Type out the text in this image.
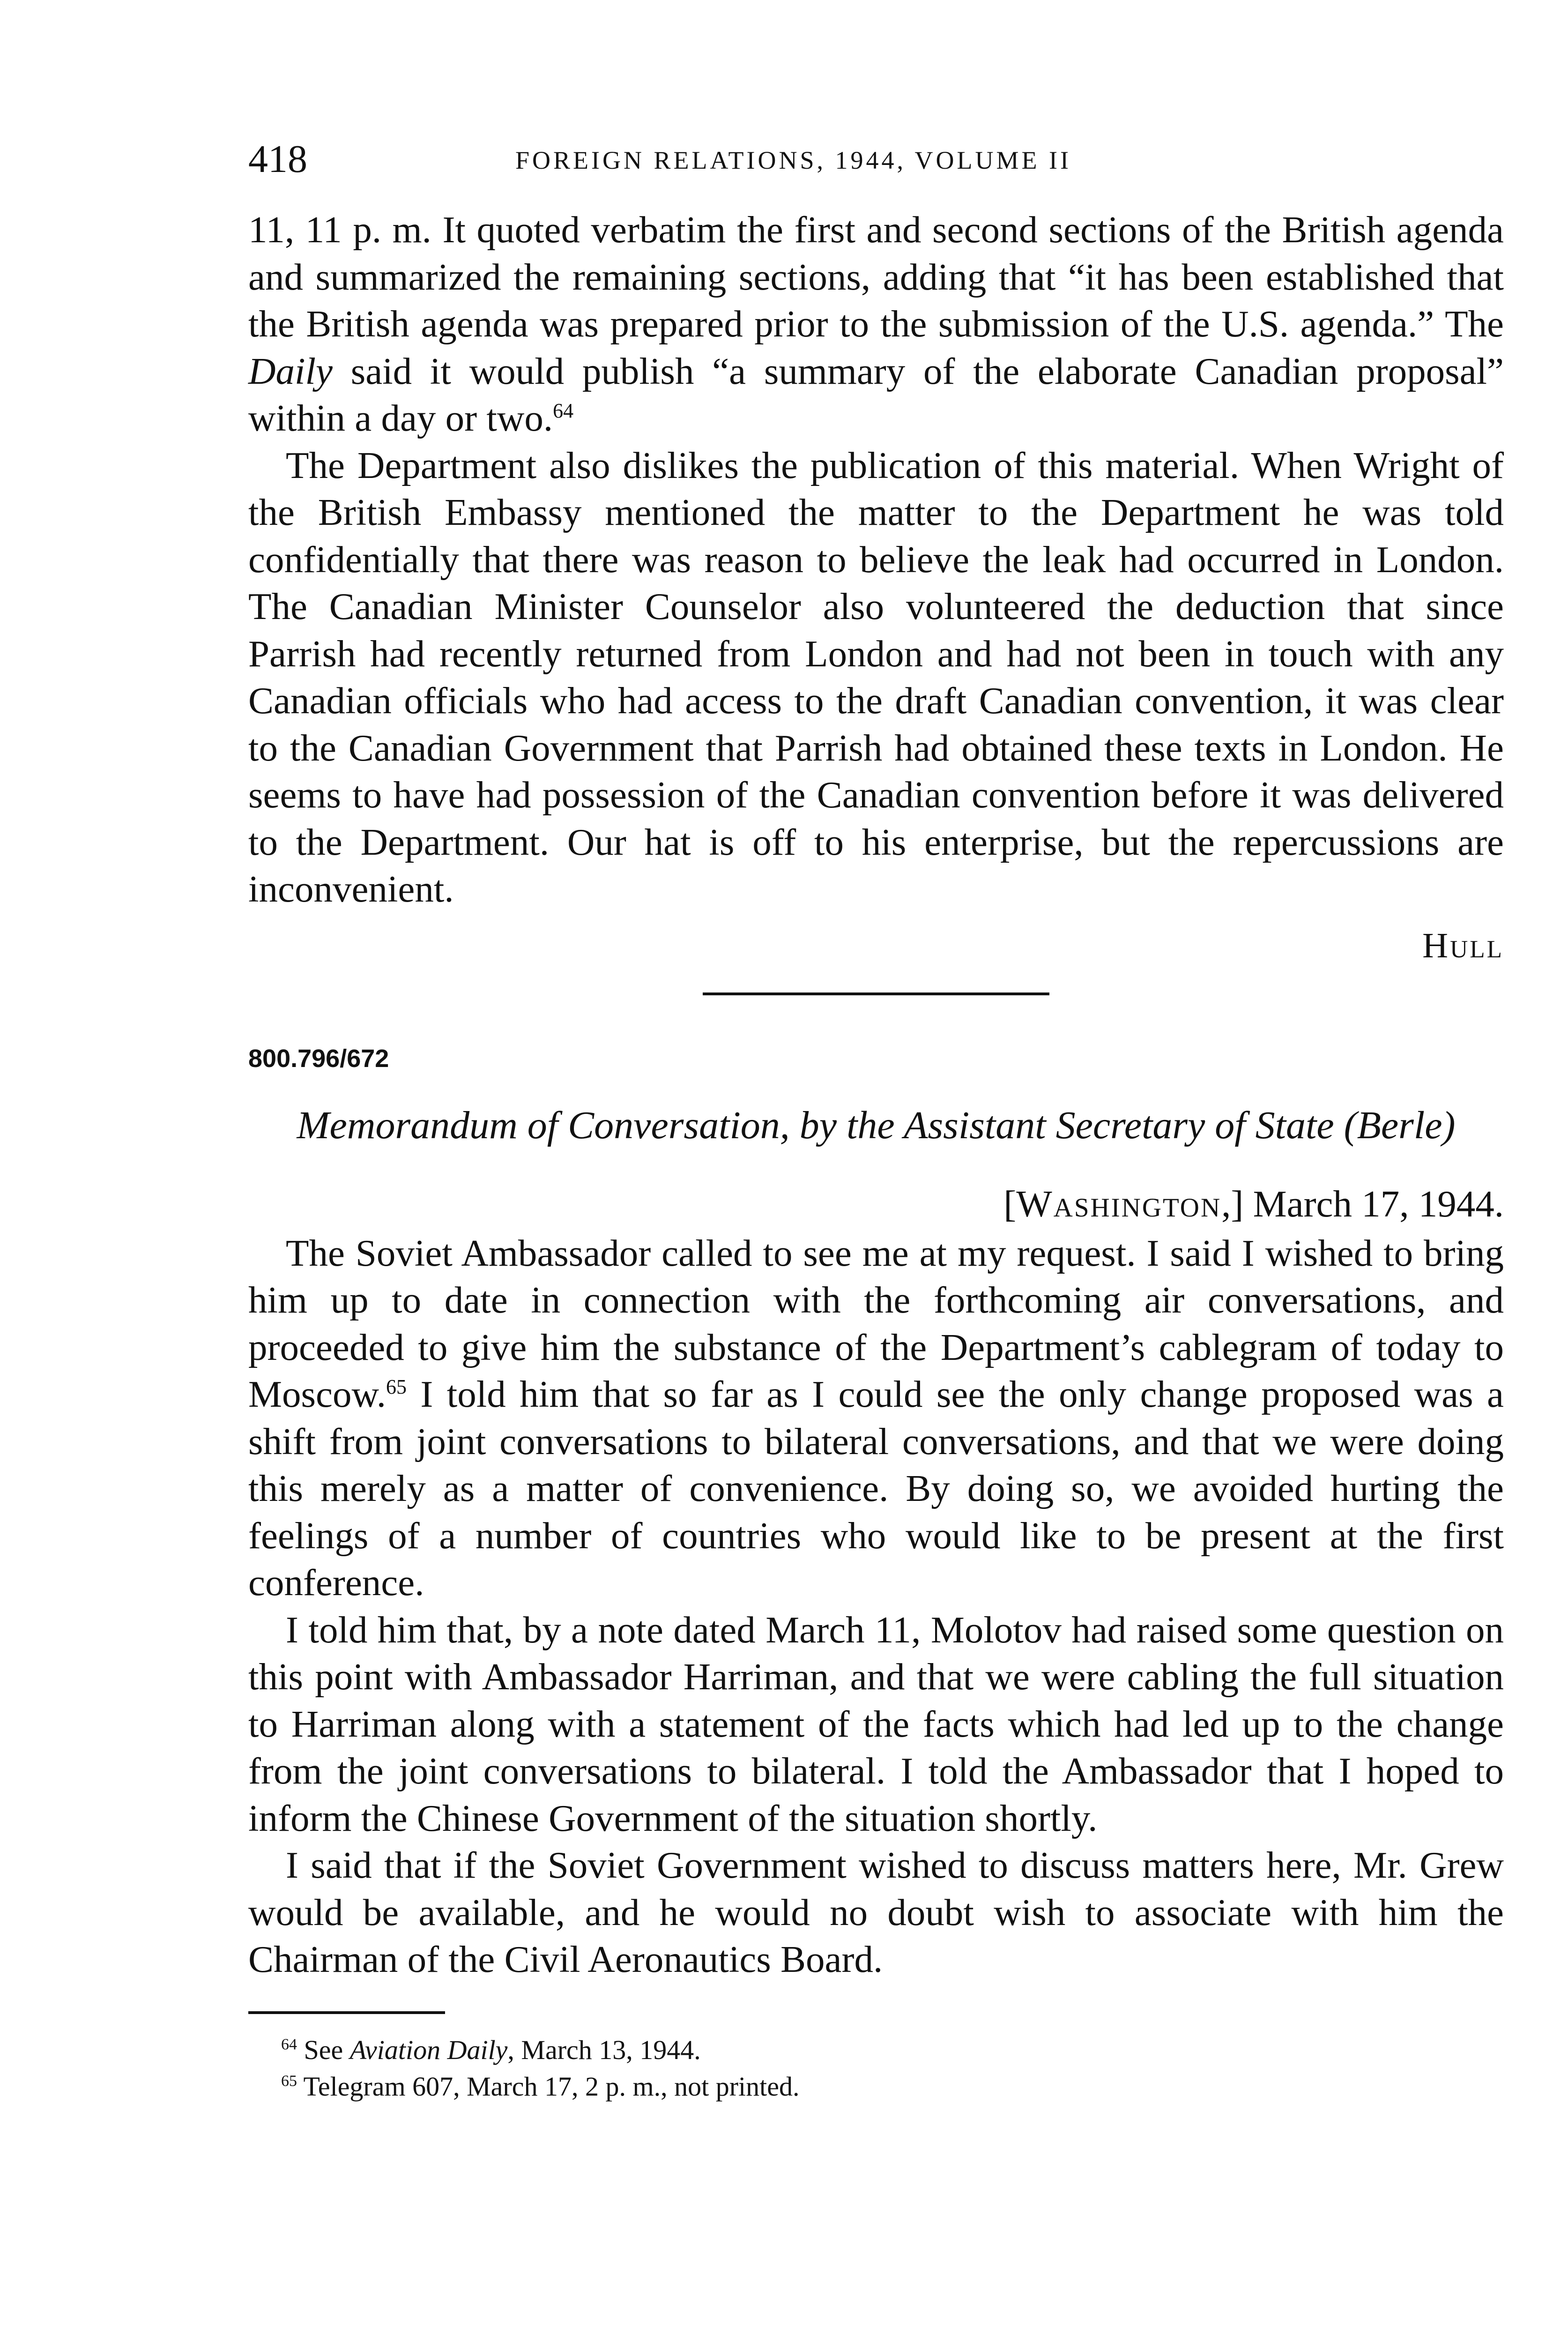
418	FOREIGN RELATIONS, 1944, VOLUME II

11, 11 p. m. It quoted verbatim the first and second sections of the British agenda and summarized the remaining sections, adding that “it has been established that the British agenda was prepared prior to the submission of the U.S. agenda.” The Daily said it would publish “a summary of the elaborate Canadian proposal” within a day or two.$^{64}$

The Department also dislikes the publication of this material. When Wright of the British Embassy mentioned the matter to the Department he was told confidentially that there was reason to believe the leak had occurred in London. The Canadian Minister Counselor also volunteered the deduction that since Parrish had recently returned from London and had not been in touch with any Canadian officials who had access to the draft Canadian convention, it was clear to the Canadian Government that Parrish had obtained these texts in London. He seems to have had possession of the Canadian convention before it was delivered to the Department. Our hat is off to his enterprise, but the repercussions are inconvenient.

Hull
800.796/672
Memorandum of Conversation, by the Assistant Secretary of State (Berle)
[Washington,] March 17, 1944.

The Soviet Ambassador called to see me at my request. I said I wished to bring him up to date in connection with the forthcoming air conversations, and proceeded to give him the substance of the Department’s cablegram of today to Moscow.$^{65}$ I told him that so far as I could see the only change proposed was a shift from joint conversations to bilateral conversations, and that we were doing this merely as a matter of convenience. By doing so, we avoided hurting the feelings of a number of countries who would like to be present at the first conference.

I told him that, by a note dated March 11, Molotov had raised some question on this point with Ambassador Harriman, and that we were cabling the full situation to Harriman along with a statement of the facts which had led up to the change from the joint conversations to bilateral. I told the Ambassador that I hoped to inform the Chinese Government of the situation shortly.

I said that if the Soviet Government wished to discuss matters here, Mr. Grew would be available, and he would no doubt wish to associate with him the Chairman of the Civil Aeronautics Board.

$^{64}$ See Aviation Daily, March 13, 1944.
$^{65}$ Telegram 607, March 17, 2 p. m., not printed.
